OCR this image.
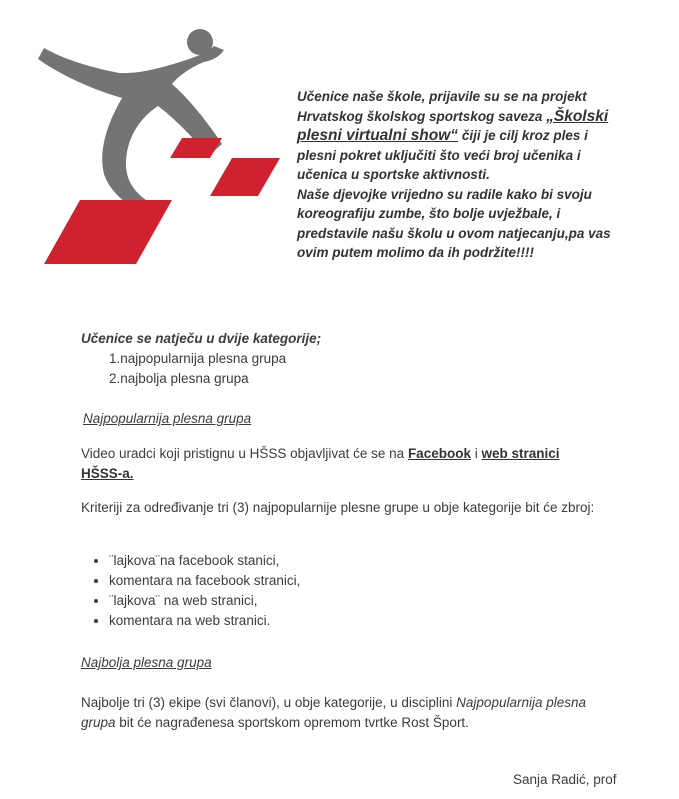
Učenice naše škole, prijavile su se na projekt Hrvatskog školskog sportskog saveza „Školski plesni virtualni show“ čiji je cilj kroz ples i plesni pokret uključiti što veći broj učenika i učenica u sportske aktivnosti.
Naše djevojke vrijedno su radile kako bi svoju koreografiju zumbe, što bolje uvježbale, i predstavile našu školu u ovom natjecanju,pa vas ovim putem molimo da ih podržite!!!!
Učenice se natječu u dvije kategorije;
1.najpopularnija plesna grupa
2.najbolja plesna grupa
Najpopularnija plesna grupa
Video uradci koji pristignu u HŠSS objavljivat će se na Facebook i web stranici HŠSS-a.
Kriteriji za određivanje tri (3) najpopularnije plesne grupe u obje kategorije bit će zbroj:
• ¨lajkova¨na facebook stanici,
• komentara na facebook stranici,
• ¨lajkova¨ na web stranici,
• komentara na web stranici.
Najbolja plesna grupa
Najbolje tri (3) ekipe (svi članovi), u obje kategorije, u disciplini Najpopularnija plesna grupa bit će nagrađenesa sportskom opremom tvrtke Rost Šport.
Sanja Radić, prof
